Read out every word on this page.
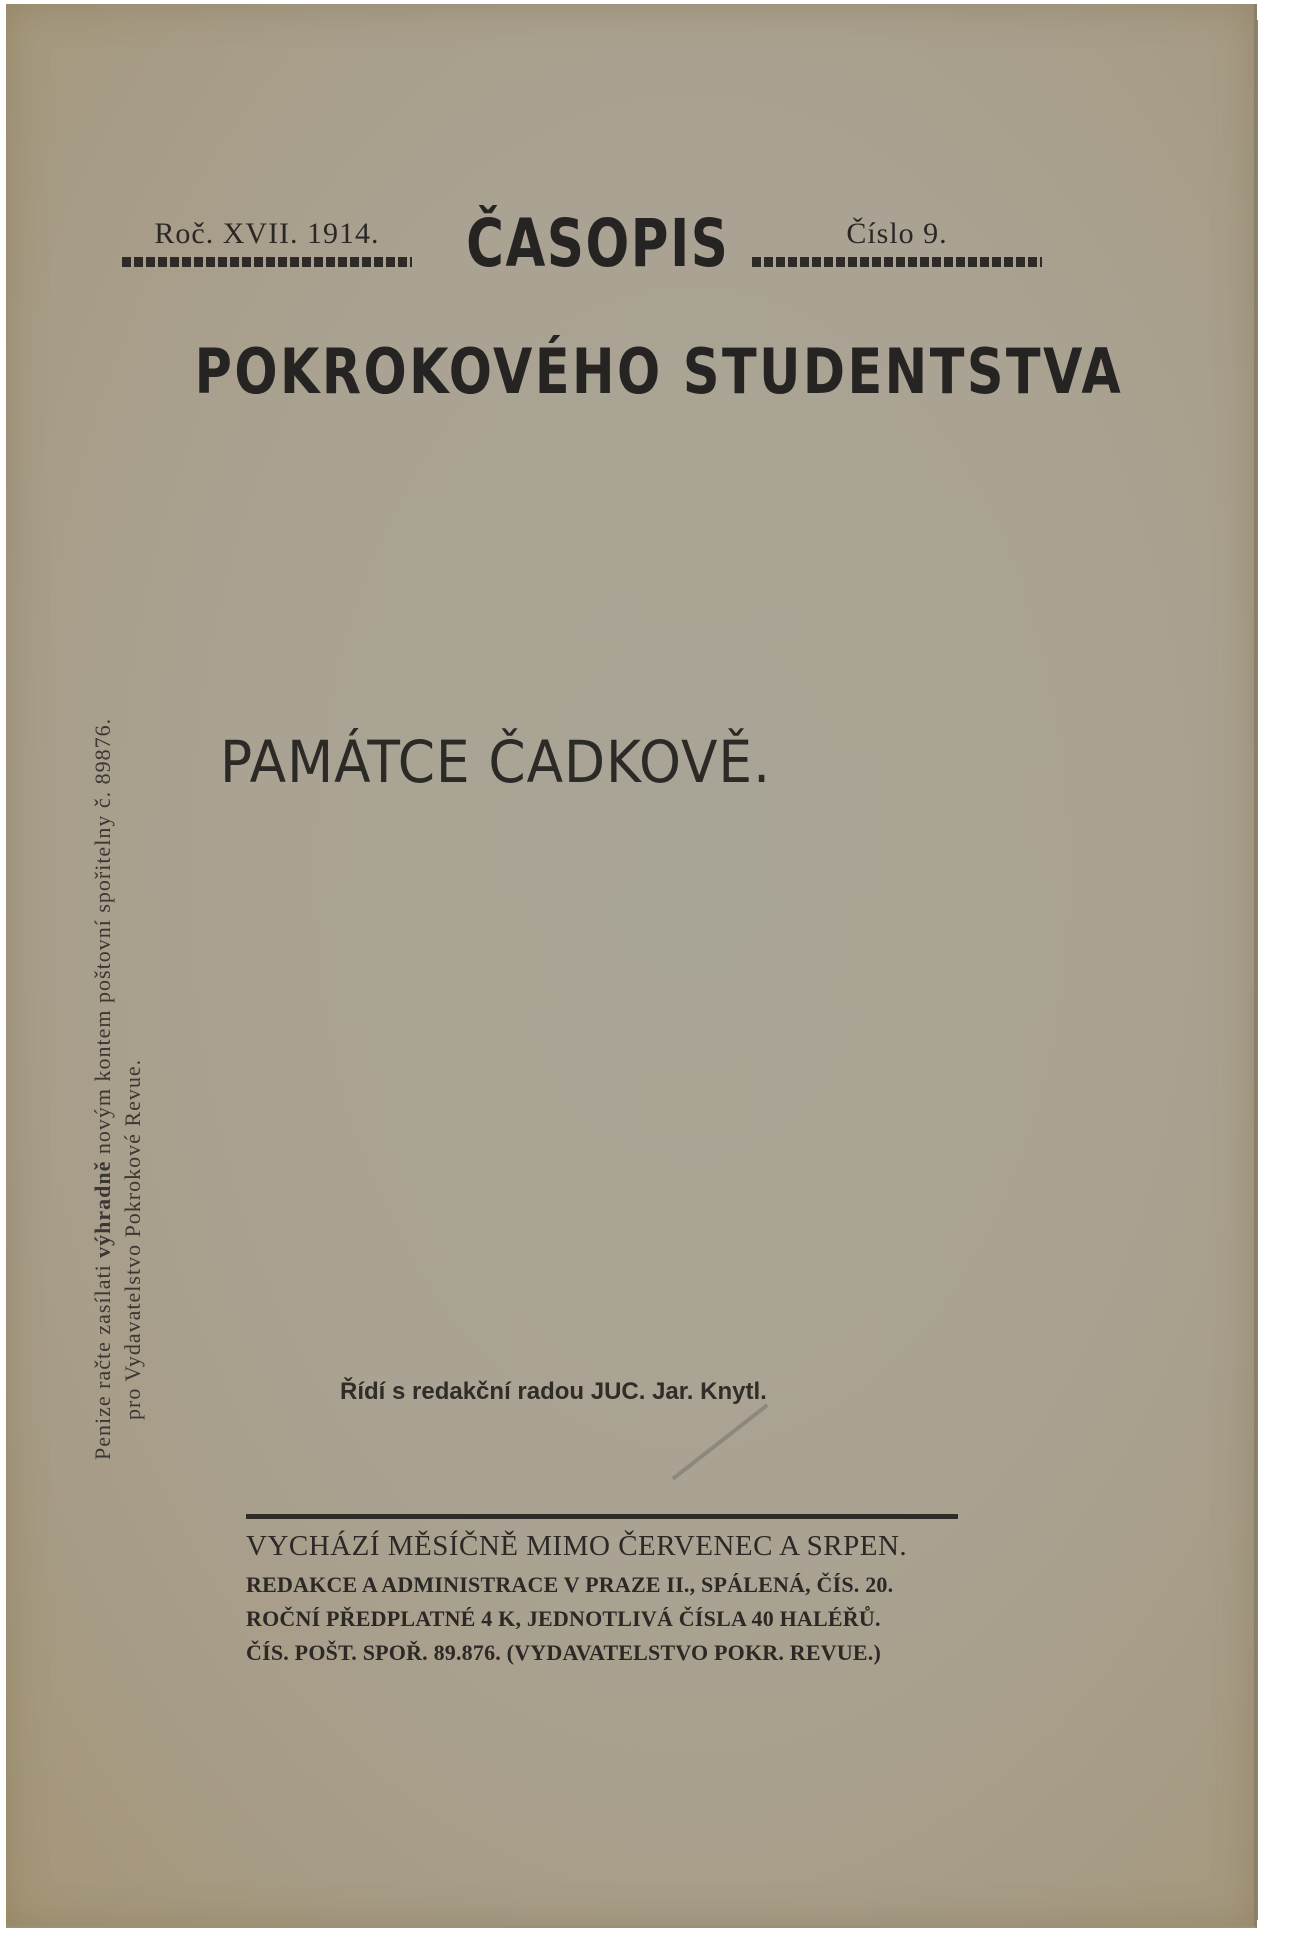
Roč. XVII. 1914.	ČASOPIS	Číslo 9.
POKROKOVÉHO STUDENTSTVA
Penize račte zasílati výhradně novým kontem poštovní spořitelny č. 89876.
pro Vydavatelstvo Pokrokové Revue.
PAMÁTCE ČADKOVĚ.
Řídí s redakční radou JUC. Jar. Knytl.
VYCHÁZÍ MĚSÍČNĚ MIMO ČERVENEC A SRPEN.
REDAKCE A ADMINISTRACE V PRAZE II., SPÁLENÁ, ČÍS. 20.
ROČNÍ PŘEDPLATNÉ 4 K, JEDNOTLIVÁ ČÍSLA 40 HALÉŘŮ.
ČÍS. POŠT. SPOŘ. 89.876. (VYDAVATELSTVO POKR. REVUE.)
